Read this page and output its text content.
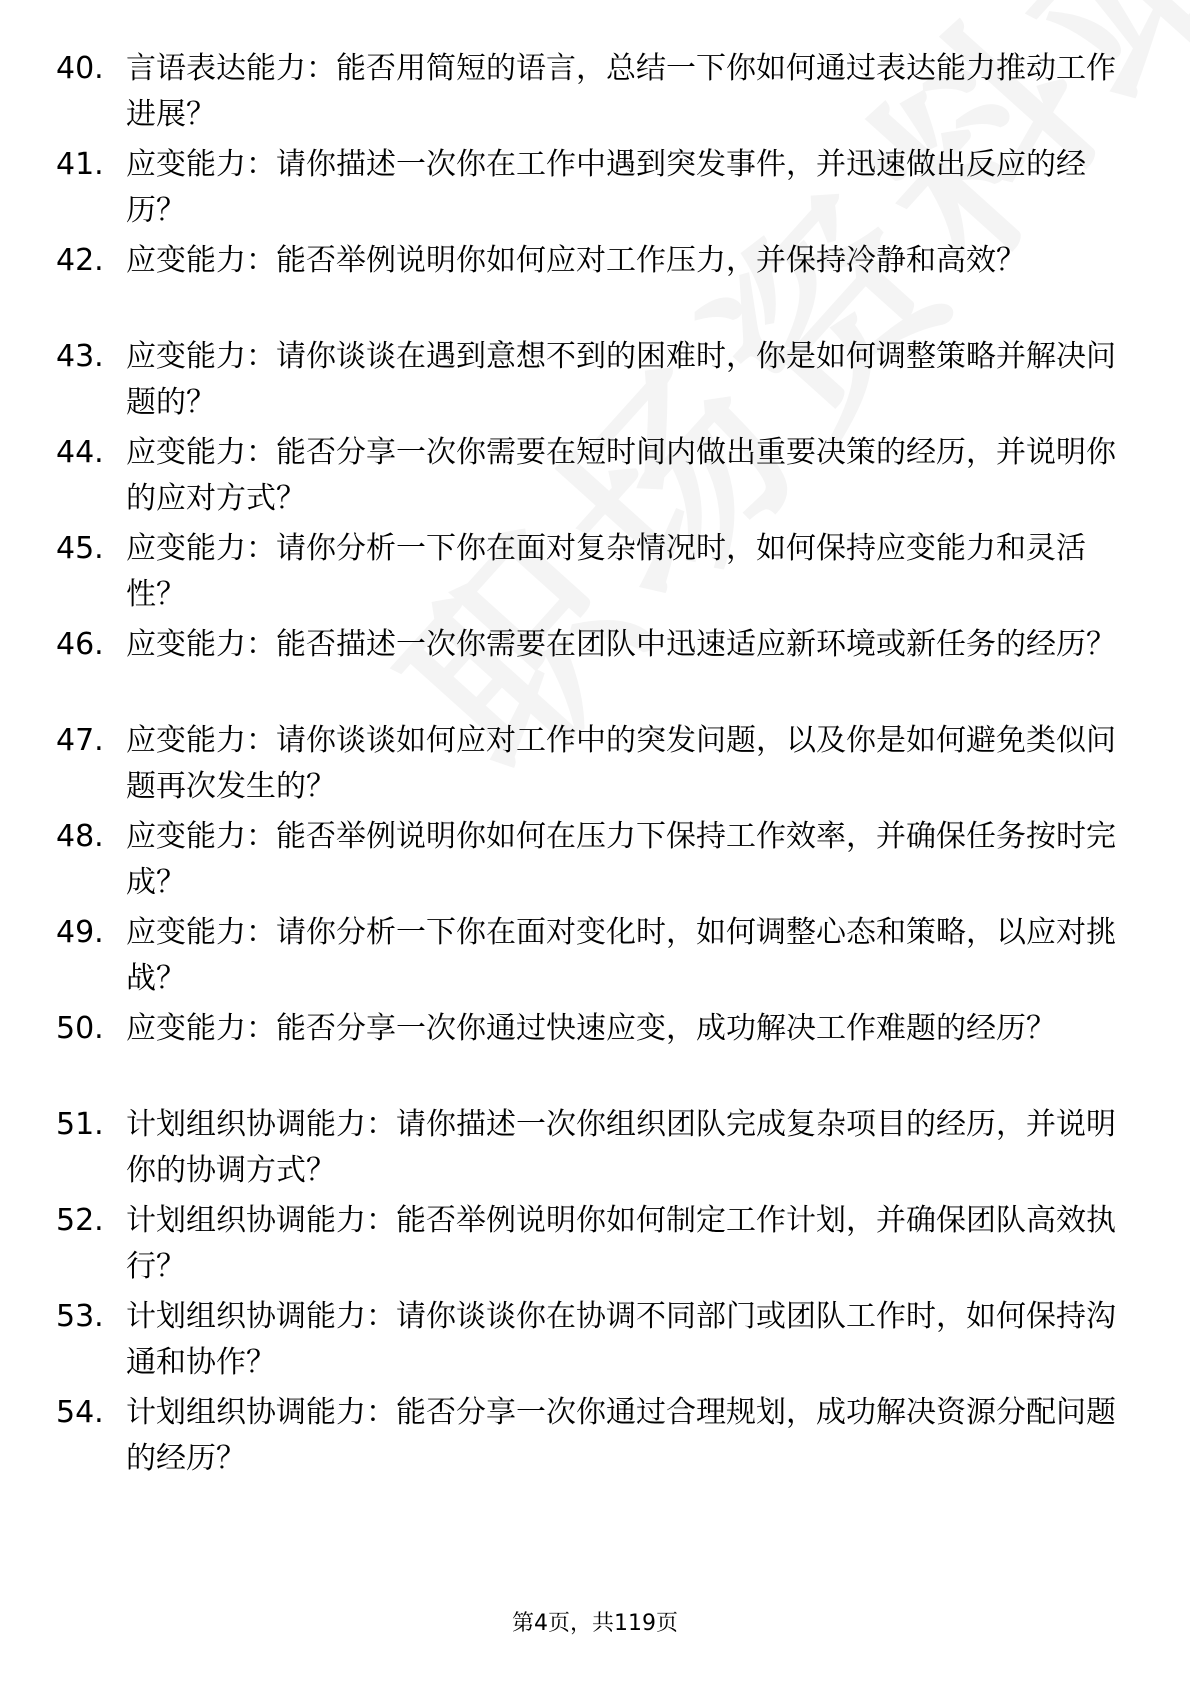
40. 言语表达能力：能否用简短的语言，总结一下你如何通过表达能力推动工作进展？
41. 应变能力：请你描述一次你在工作中遇到突发事件，并迅速做出反应的经历？
42. 应变能力：能否举例说明你如何应对工作压力，并保持冷静和高效？
43. 应变能力：请你谈谈在遇到意想不到的困难时，你是如何调整策略并解决问题的？
44. 应变能力：能否分享一次你需要在短时间内做出重要决策的经历，并说明你的应对方式？
45. 应变能力：请你分析一下你在面对复杂情况时，如何保持应变能力和灵活性？
46. 应变能力：能否描述一次你需要在团队中迅速适应新环境或新任务的经历？
47. 应变能力：请你谈谈如何应对工作中的突发问题，以及你是如何避免类似问题再次发生的？
48. 应变能力：能否举例说明你如何在压力下保持工作效率，并确保任务按时完成？
49. 应变能力：请你分析一下你在面对变化时，如何调整心态和策略，以应对挑战？
50. 应变能力：能否分享一次你通过快速应变，成功解决工作难题的经历？
51. 计划组织协调能力：请你描述一次你组织团队完成复杂项目的经历，并说明你的协调方式？
52. 计划组织协调能力：能否举例说明你如何制定工作计划，并确保团队高效执行？
53. 计划组织协调能力：请你谈谈你在协调不同部门或团队工作时，如何保持沟通和协作？
54. 计划组织协调能力：能否分享一次你通过合理规划，成功解决资源分配问题的经历？
第4页，共119页
